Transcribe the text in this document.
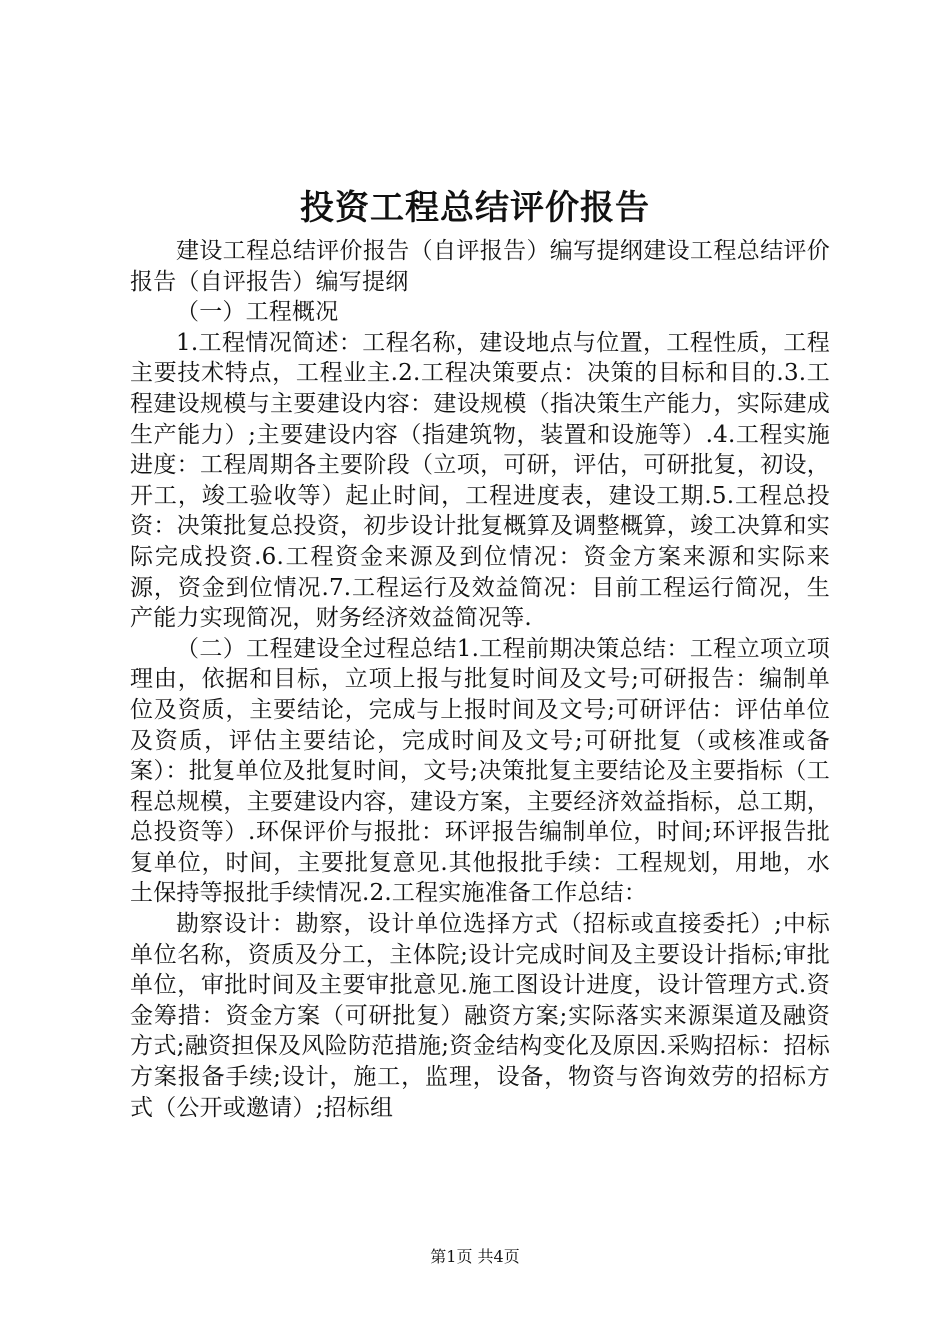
投资工程总结评价报告

建设工程总结评价报告（自评报告）编写提纲建设工程总结评价报告（自评报告）编写提纲

（一）工程概况

1.工程情况简述：工程名称，建设地点与位置，工程性质，工程主要技术特点，工程业主.2.工程决策要点：决策的目标和目的.3.工程建设规模与主要建设内容：建设规模（指决策生产能力，实际建成生产能力）;主要建设内容（指建筑物，装置和设施等）.4.工程实施进度：工程周期各主要阶段（立项，可研，评估，可研批复，初设，开工，竣工验收等）起止时间，工程进度表，建设工期.5.工程总投资：决策批复总投资，初步设计批复概算及调整概算，竣工决算和实际完成投资.6.工程资金来源及到位情况：资金方案来源和实际来源，资金到位情况.7.工程运行及效益简况：目前工程运行简况，生产能力实现简况，财务经济效益简况等.

（二）工程建设全过程总结1.工程前期决策总结：工程立项立项理由，依据和目标，立项上报与批复时间及文号;可研报告：编制单位及资质，主要结论，完成与上报时间及文号;可研评估：评估单位及资质，评估主要结论，完成时间及文号;可研批复（或核准或备案）：批复单位及批复时间，文号;决策批复主要结论及主要指标（工程总规模，主要建设内容，建设方案，主要经济效益指标，总工期，总投资等）.环保评价与报批：环评报告编制单位，时间;环评报告批复单位，时间，主要批复意见.其他报批手续：工程规划，用地，水土保持等报批手续情况.2.工程实施准备工作总结：

勘察设计：勘察，设计单位选择方式（招标或直接委托）;中标单位名称，资质及分工，主体院;设计完成时间及主要设计指标;审批单位，审批时间及主要审批意见.施工图设计进度，设计管理方式.资金筹措：资金方案（可研批复）融资方案;实际落实来源渠道及融资方式;融资担保及风险防范措施;资金结构变化及原因.采购招标：招标方案报备手续;设计，施工，监理，设备，物资与咨询效劳的招标方式（公开或邀请）;招标组

第1页 共4页
